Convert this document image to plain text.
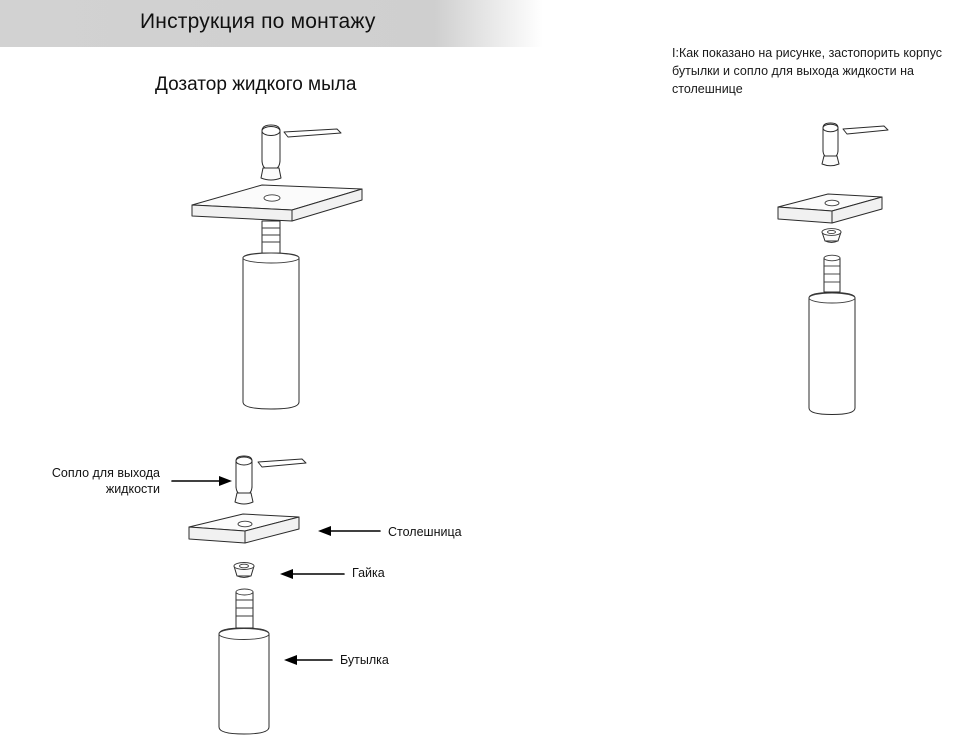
Инструкция по монтажу
Дозатор жидкого мыла
I:Как показано на рисунке, застопорить корпус бутылки и сопло для выхода жидкости на столешнице
Сопло для выхода
жидкости
Столешница
Гайка
Бутылка
